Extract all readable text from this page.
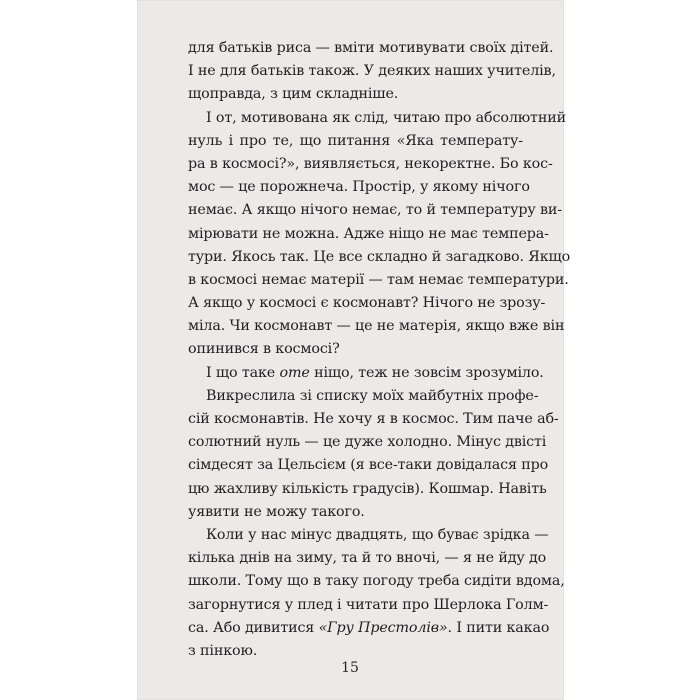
для батьків риса — вміти мотивувати своїх дітей.
І не для батьків також. У деяких наших учителів,
щоправда, з цим складніше.
І от, мотивована як слід, читаю про абсолютний
нуль і про те, що питання «Яка температу-
ра в космосі?», виявляється, некоректне. Бо кос-
мос — це порожнеча. Простір, у якому нічого
немає. А якщо нічого немає, то й температуру ви-
мірювати не можна. Адже ніщо не має темпера-
тури. Якось так. Це все складно й загадково. Якщо
в космосі немає матерії — там немає температури.
А якщо у космосі є космонавт? Нічого не зрозу-
міла. Чи космонавт — це не матерія, якщо вже він
опинився в космосі?
І що таке оте ніщо, теж не зовсім зрозуміло.
Викреслила зі списку моїх майбутніх профе-
сій космонавтів. Не хочу я в космос. Тим паче аб-
солютний нуль — це дуже холодно. Мінус двісті
сімдесят за Цельсієм (я все-таки довідалася про
цю жахливу кількість градусів). Кошмар. Навіть
уявити не можу такого.
Коли у нас мінус двадцять, що буває зрідка —
кілька днів на зиму, та й то вночі, — я не йду до
школи. Тому що в таку погоду треба сидіти вдома,
загорнутися у плед і читати про Шерлока Голм-
са. Або дивитися «Гру Престолів». І пити какао
з пінкою.
15
